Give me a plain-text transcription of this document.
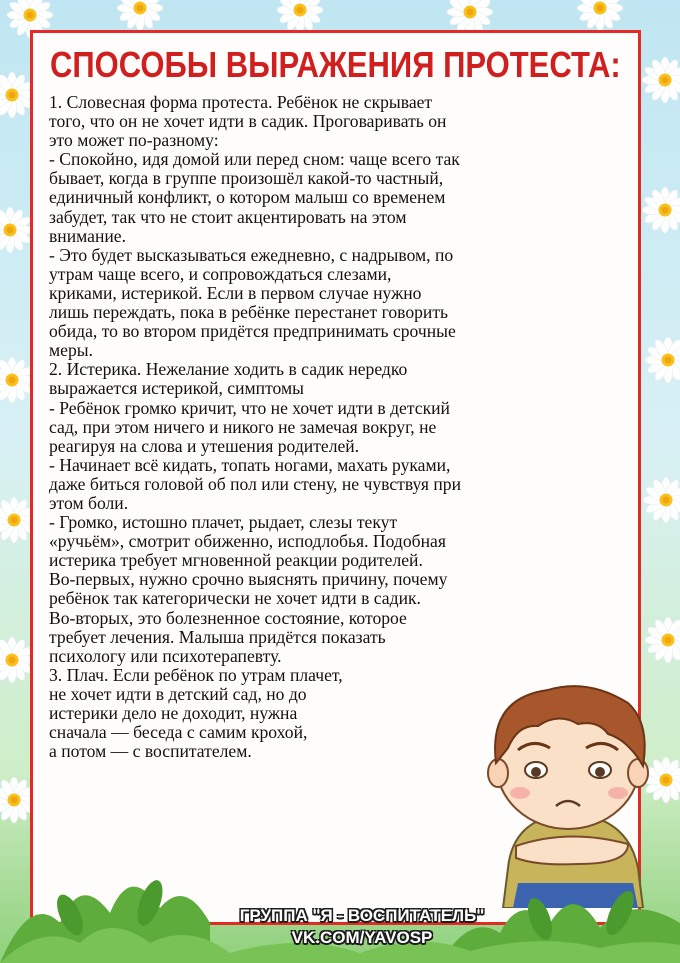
СПОСОБЫ ВЫРАЖЕНИЯ ПРОТЕСТА:

1. Словесная форма протеста. Ребёнок не скрывает

того, что он не хочет идти в садик. Проговаривать он

это может по-разному:

- Спокойно, идя домой или перед сном: чаще всего так

бывает, когда в группе произошёл какой-то частный,

единичный конфликт, о котором малыш со временем

забудет, так что не стоит акцентировать на этом

внимание.

- Это будет высказываться ежедневно, с надрывом, по

утрам чаще всего, и сопровождаться слезами,

криками, истерикой. Если в первом случае нужно

лишь переждать, пока в ребёнке перестанет говорить

обида, то во втором придётся предпринимать срочные

меры.

2. Истерика. Нежелание ходить в садик нередко

выражается истерикой, симптомы

- Ребёнок громко кричит, что не хочет идти в детский

сад, при этом ничего и никого не замечая вокруг, не

реагируя на слова и утешения родителей.

- Начинает всё кидать, топать ногами, махать руками,

даже биться головой об пол или стену, не чувствуя при

этом боли.

- Громко, истошно плачет, рыдает, слезы текут

«ручьём», смотрит обиженно, исподлобья. Подобная

истерика требует мгновенной реакции родителей.

Во-первых, нужно срочно выяснять причину, почему

ребёнок так категорически не хочет идти в садик.

Во-вторых, это болезненное состояние, которое

требует лечения. Малыша придётся показать

психологу или психотерапевту.

3. Плач. Если ребёнок по утрам плачет,

не хочет идти в детский сад, но до

истерики дело не доходит, нужна

сначала — беседа с самим крохой,

а потом — с воспитателем.

ГРУППА "Я - ВОСПИТАТЕЛЬ"
VK.COM/YAVOSP
